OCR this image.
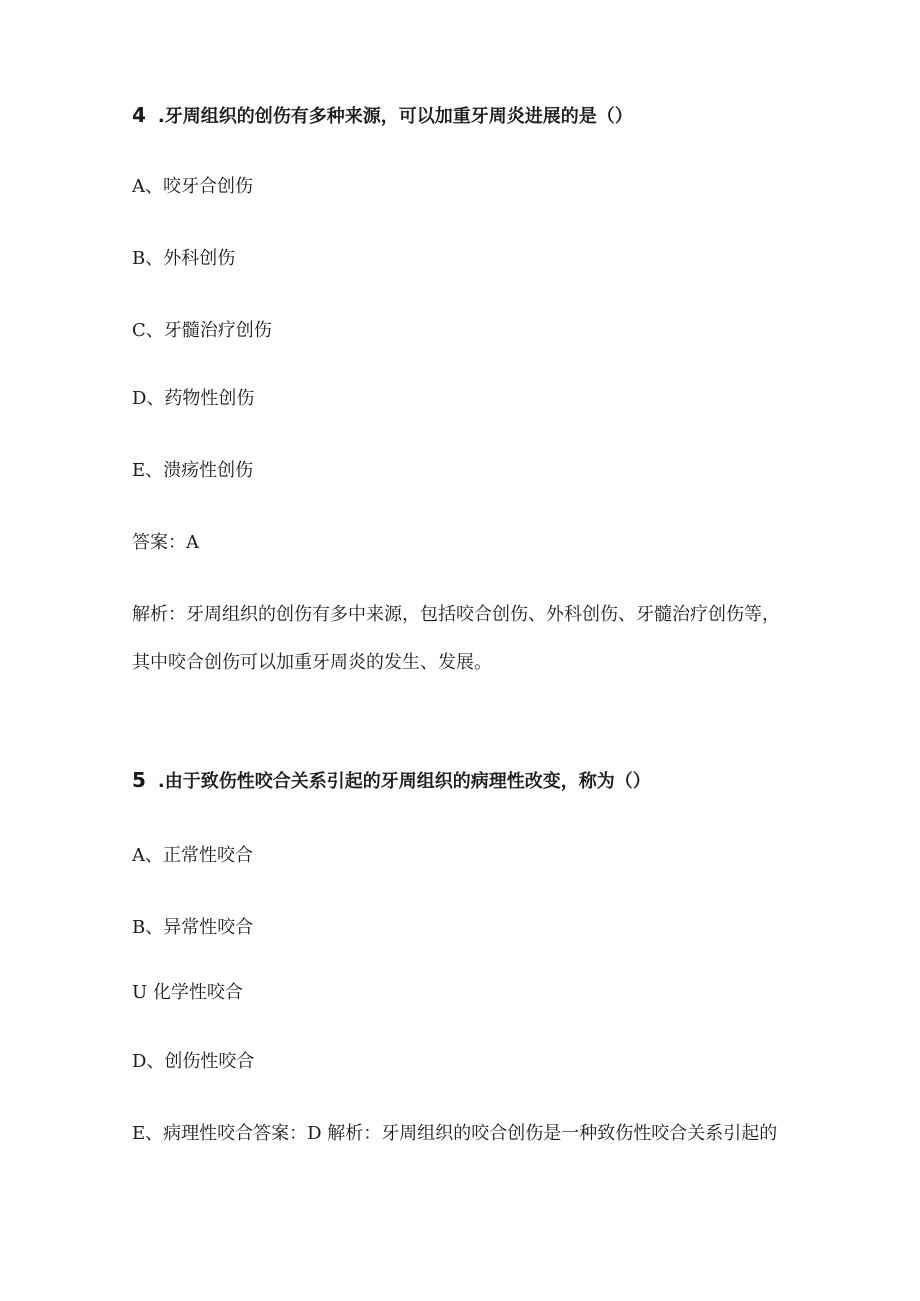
4 .牙周组织的创伤有多种来源，可以加重牙周炎进展的是（）
A、咬牙合创伤
B、外科创伤
C、牙髓治疗创伤
D、药物性创伤
E、溃疡性创伤
答案：A
解析：牙周组织的创伤有多中来源，包括咬合创伤、外科创伤、牙髓治疗创伤等，
其中咬合创伤可以加重牙周炎的发生、发展。
5 .由于致伤性咬合关系引起的牙周组织的病理性改变，称为（）
A、正常性咬合
B、异常性咬合
U 化学性咬合
D、创伤性咬合
E、病理性咬合答案：D 解析：牙周组织的咬合创伤是一种致伤性咬合关系引起的
